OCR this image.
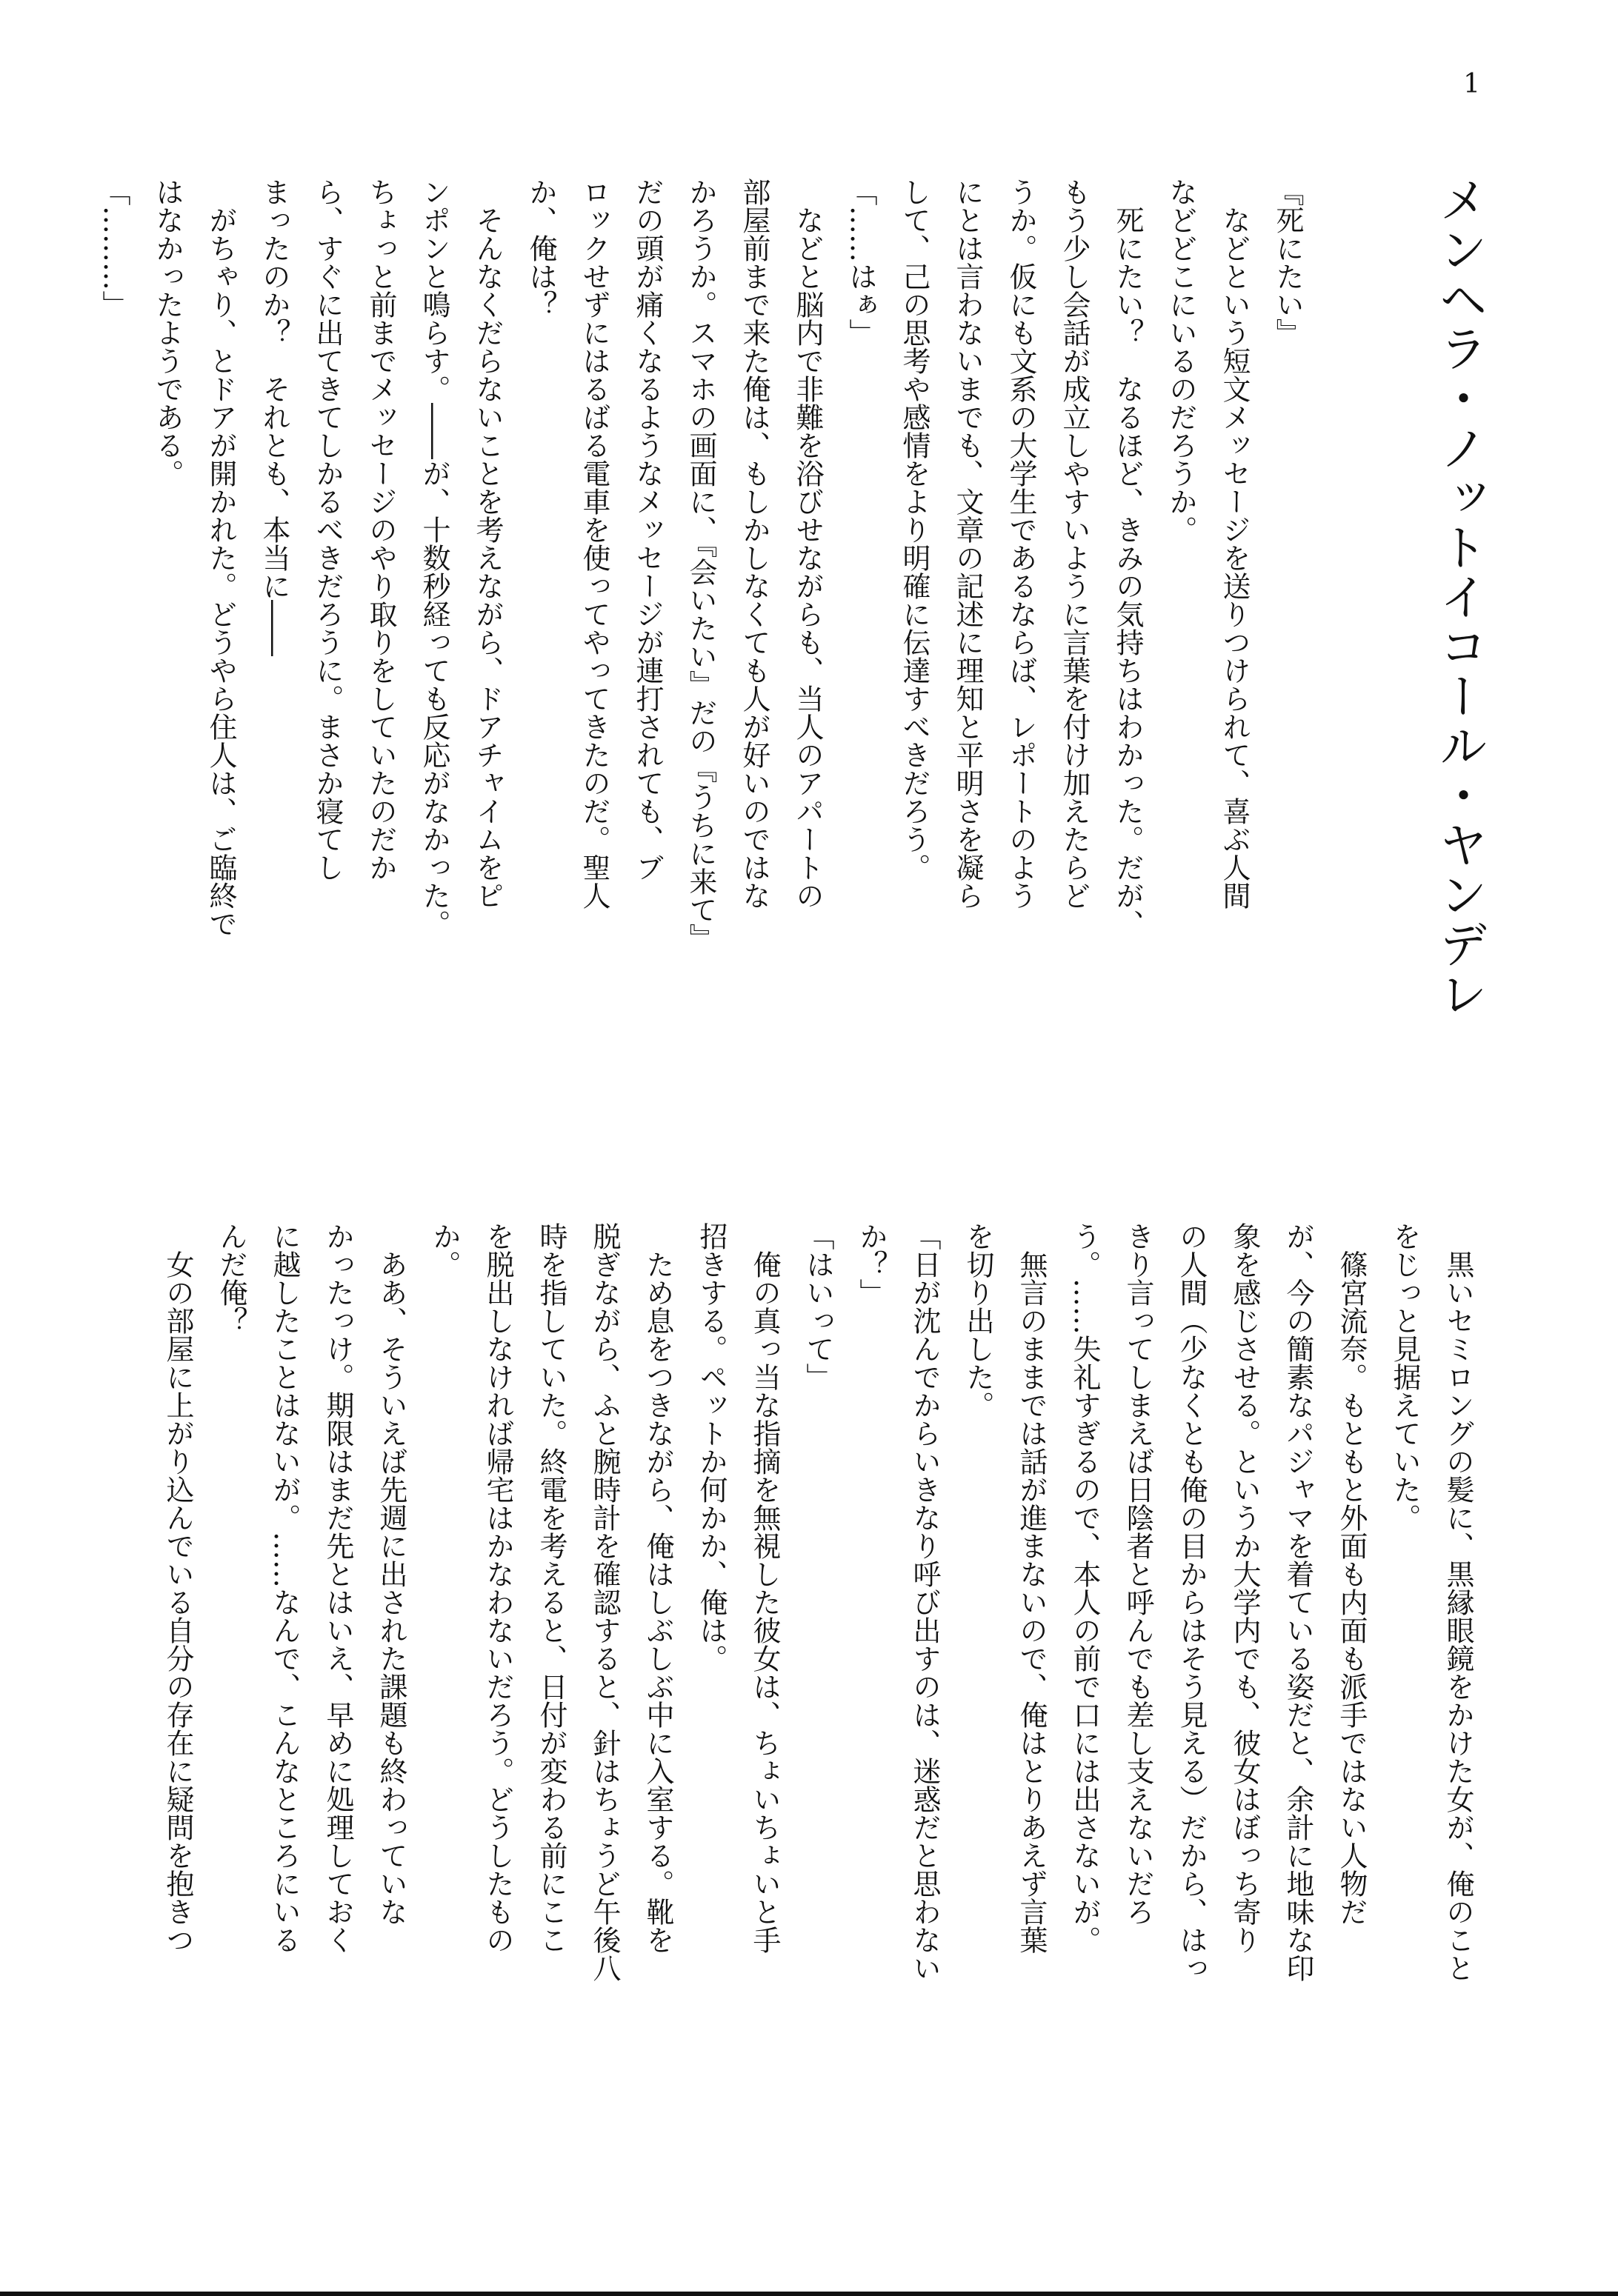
1
メンヘラ・ノットイコール・ヤンデレ
『死にたい』
　などという短文メッセージを送りつけられて、喜ぶ人間
などどこにいるのだろうか。
　死にたい？　なるほど、きみの気持ちはわかった。だが、
もう少し会話が成立しやすいように言葉を付け加えたらど
うか。仮にも文系の大学生であるならば、レポートのよう
にとは言わないまでも、文章の記述に理知と平明さを凝ら
して、己の思考や感情をより明確に伝達すべきだろう。
「……はぁ」
　などと脳内で非難を浴びせながらも、当人のアパートの
部屋前まで来た俺は、もしかしなくても人が好いのではな
かろうか。スマホの画面に、『会いたい』だの『うちに来て』
だの頭が痛くなるようなメッセージが連打されても、ブ
ロックせずにはるばる電車を使ってやってきたのだ。聖人
か、俺は？
　そんなくだらないことを考えながら、ドアチャイムをピ
ンポンと鳴らす。――が、十数秒経っても反応がなかった。
ちょっと前までメッセージのやり取りをしていたのだか
ら、すぐに出てきてしかるべきだろうに。まさか寝てし
まったのか？　それとも、本当に――
　がちゃり、とドアが開かれた。どうやら住人は、ご臨終で
はなかったようである。
「………」
　黒いセミロングの髪に、黒縁眼鏡をかけた女が、俺のこと
をじっと見据えていた。
　篠宮流奈。もともと外面も内面も派手ではない人物だ
が、今の簡素なパジャマを着ている姿だと、余計に地味な印
象を感じさせる。というか大学内でも、彼女はぼっち寄り
の人間（少なくとも俺の目からはそう見える）だから、はっ
きり言ってしまえば日陰者と呼んでも差し支えないだろ
う。……失礼すぎるので、本人の前で口には出さないが。
　無言のままでは話が進まないので、俺はとりあえず言葉
を切り出した。
「日が沈んでからいきなり呼び出すのは、迷惑だと思わない
か？」
「はいって」
　俺の真っ当な指摘を無視した彼女は、ちょいちょいと手
招きする。ペットか何かか、俺は。
　ため息をつきながら、俺はしぶしぶ中に入室する。靴を
脱ぎながら、ふと腕時計を確認すると、針はちょうど午後八
時を指していた。終電を考えると、日付が変わる前にここ
を脱出しなければ帰宅はかなわないだろう。どうしたもの
か。
　ああ、そういえば先週に出された課題も終わっていな
かったっけ。期限はまだ先とはいえ、早めに処理しておく
に越したことはないが。……なんで、こんなところにいる
んだ俺？
　女の部屋に上がり込んでいる自分の存在に疑問を抱きつ
